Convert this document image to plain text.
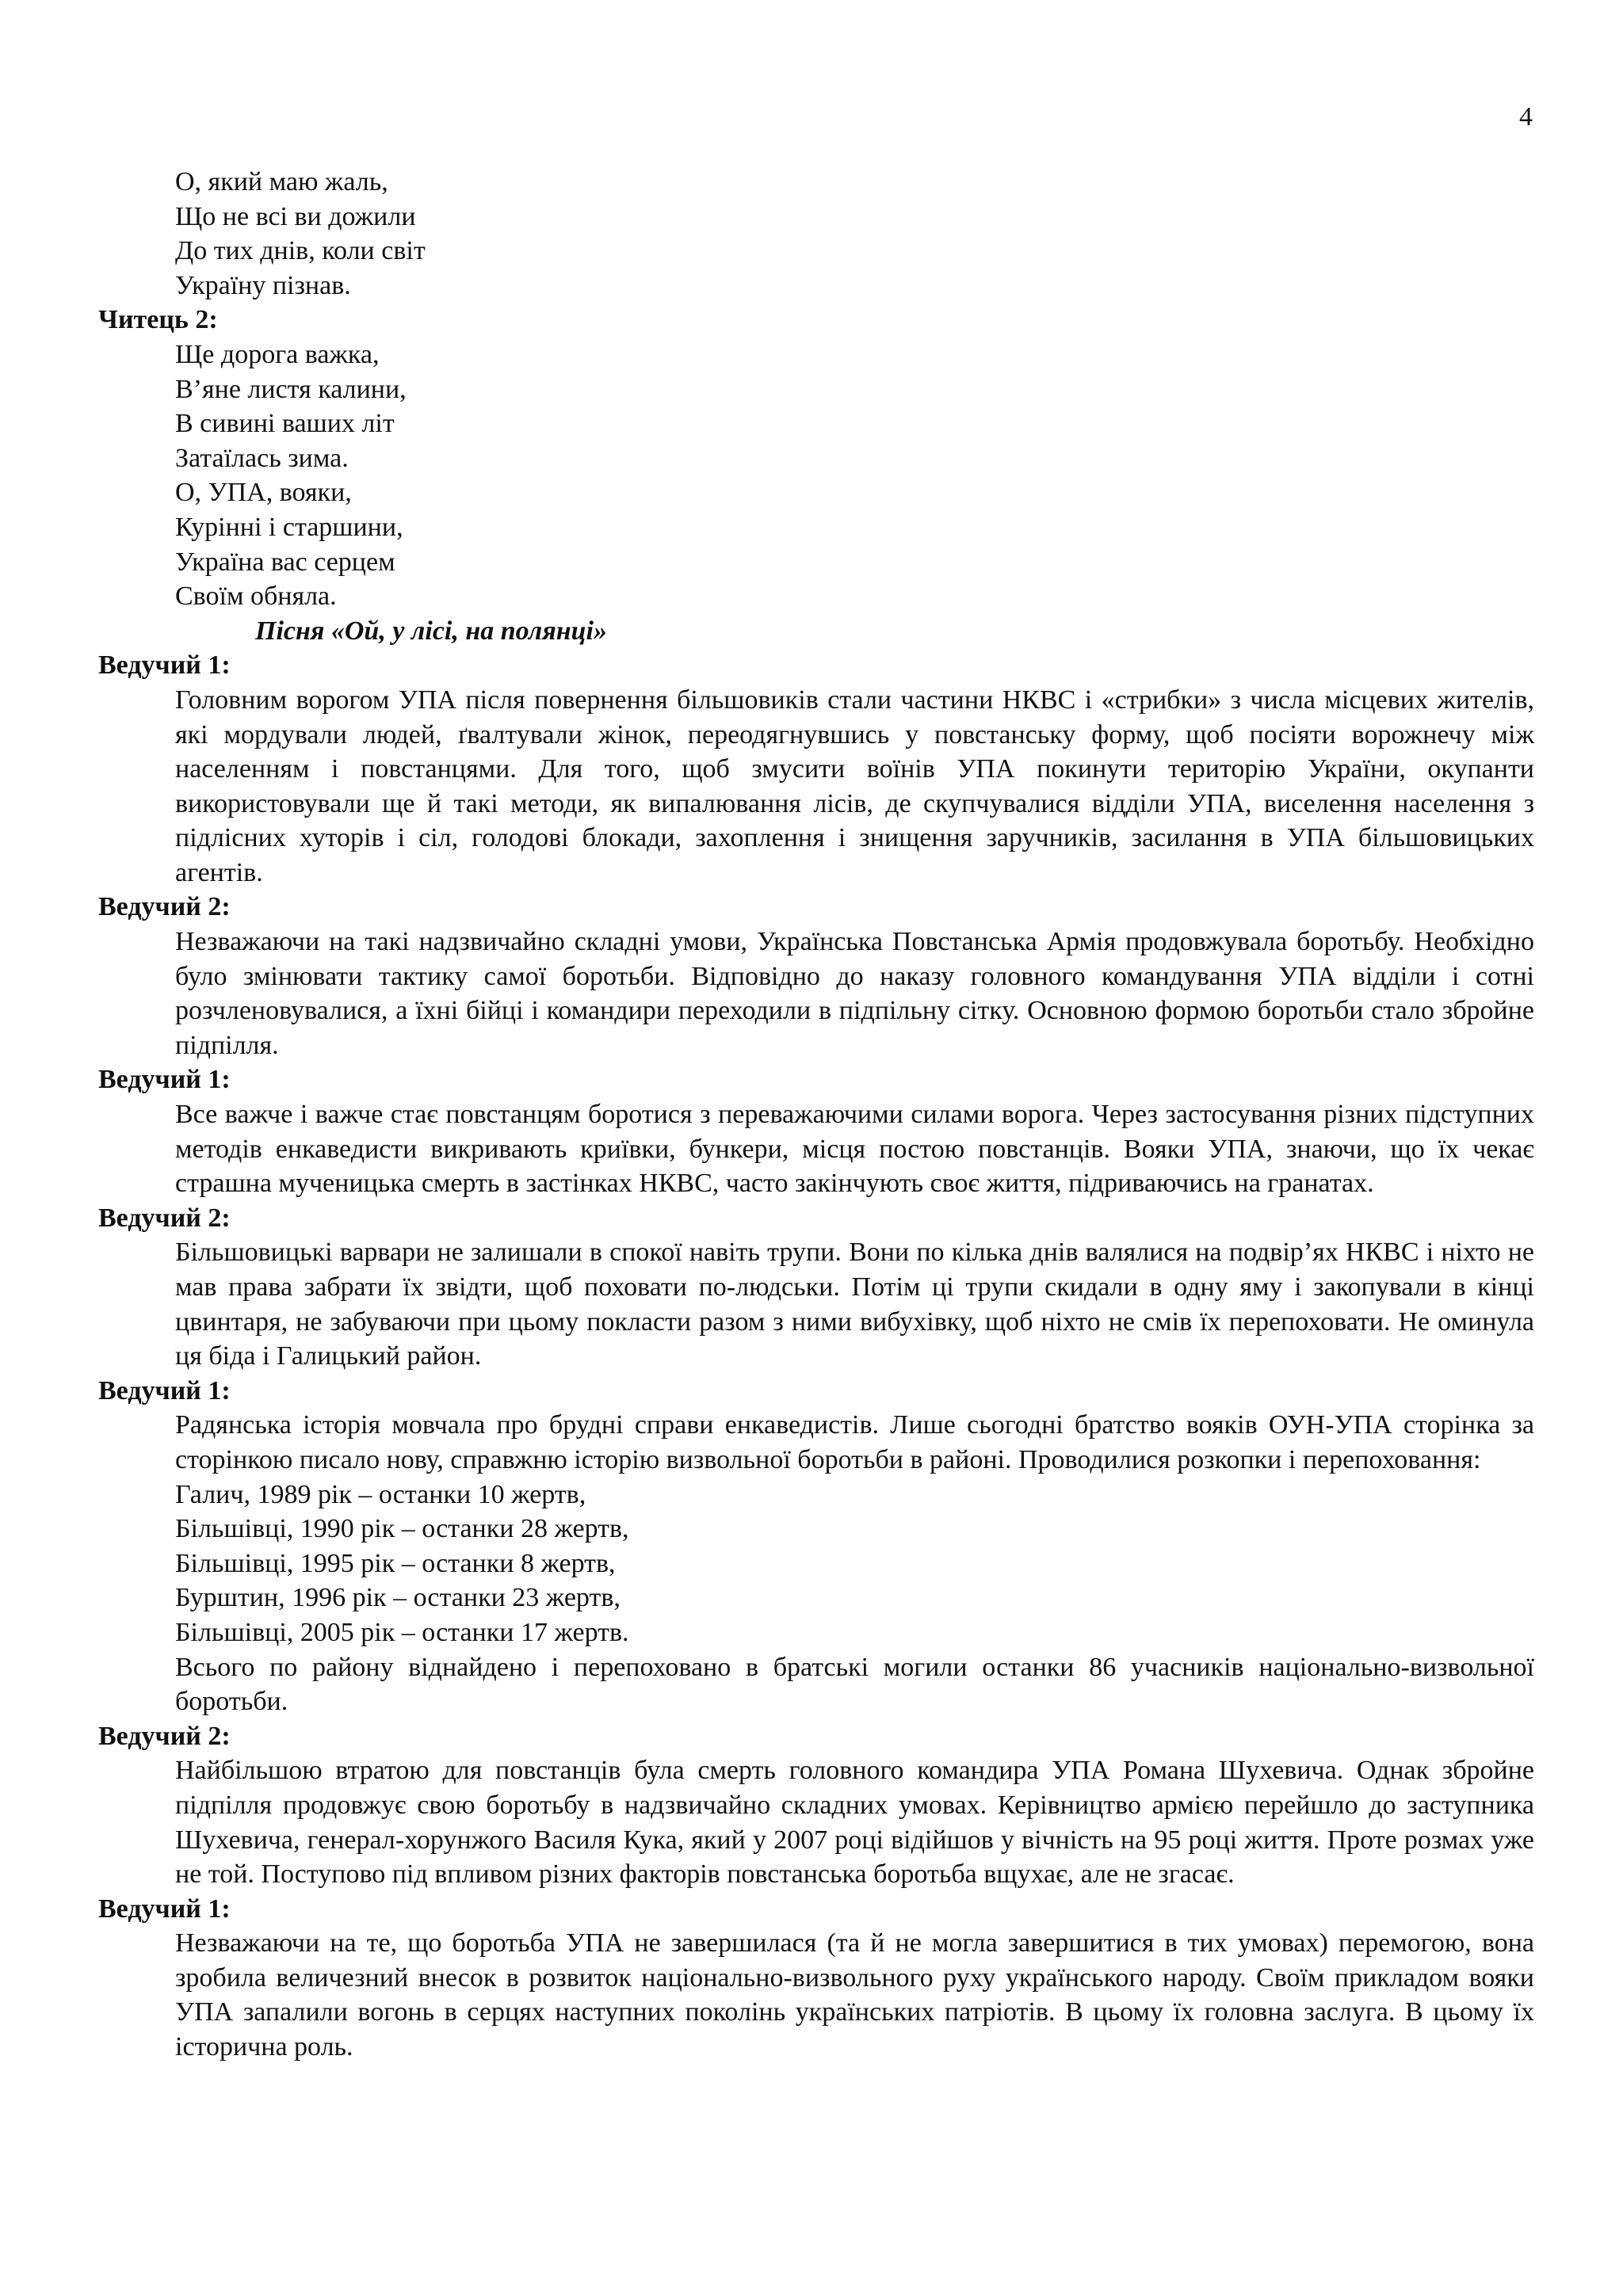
4

О, який маю жаль,

Що не всі ви дожили

До тих днів, коли світ

Україну пізнав.

Читець 2:

Ще дорога важка,

В’яне листя калини,

В сивині ваших літ

Затаїлась зима.

О, УПА, вояки,

Курінні і старшини,

Україна вас серцем

Своїм обняла.

Пісня «Ой, у лісі, на полянці»

Ведучий 1:

Головним ворогом УПА після повернення більшовиків стали частини НКВС і «стрибки» з числа місцевих жителів, які мордували людей, ґвалтували жінок, переодягнувшись у повстанську форму, щоб посіяти ворожнечу між населенням і повстанцями. Для того, щоб змусити воїнів УПА покинути територію України, окупанти використовували ще й такі методи, як випалювання лісів, де скупчувалися відділи УПА, виселення населення з підлісних хуторів і сіл, голодові блокади, захоплення і знищення заручників, засилання в УПА більшовицьких агентів.

Ведучий 2:

Незважаючи на такі надзвичайно складні умови, Українська Повстанська Армія продовжувала боротьбу. Необхідно було змінювати тактику самої боротьби. Відповідно до наказу головного командування УПА відділи і сотні розчленовувалися, а їхні бійці і командири переходили в підпільну сітку. Основною формою боротьби стало збройне підпілля.

Ведучий 1:

Все важче і важче стає повстанцям боротися з переважаючими силами ворога. Через застосування різних підступних методів енкаведисти викривають криївки, бункери, місця постою повстанців. Вояки УПА, знаючи, що їх чекає страшна мученицька смерть в застінках НКВС, часто закінчують своє життя, підриваючись на гранатах.

Ведучий 2:

Більшовицькі варвари не залишали в спокої навіть трупи. Вони по кілька днів валялися на подвір’ях НКВС і ніхто не мав права забрати їх звідти, щоб поховати по-людськи. Потім ці трупи скидали в одну яму і закопували в кінці цвинтаря, не забуваючи при цьому покласти разом з ними вибухівку, щоб ніхто не смів їх перепоховати. Не оминула ця біда і Галицький район.

Ведучий 1:

Радянська історія мовчала про брудні справи енкаведистів. Лише сьогодні братство вояків ОУН-УПА сторінка за сторінкою писало нову, справжню історію визвольної боротьби в районі. Проводилися розкопки і перепоховання:

Галич, 1989 рік – останки 10 жертв,

Більшівці, 1990 рік – останки 28 жертв,

Більшівці, 1995 рік – останки 8 жертв,

Бурштин, 1996 рік – останки 23 жертв,

Більшівці, 2005 рік – останки 17 жертв.

Всього по району віднайдено і перепоховано в братські могили останки 86 учасників національно-визвольної боротьби.

Ведучий 2:

Найбільшою втратою для повстанців була смерть головного командира УПА Романа Шухевича. Однак збройне підпілля продовжує свою боротьбу в надзвичайно складних умовах. Керівництво армією перейшло до заступника Шухевича, генерал-хорунжого Василя Кука, який у 2007 році відійшов у вічність на 95 році життя. Проте розмах уже не той. Поступово під впливом різних факторів повстанська боротьба вщухає, але не згасає.

Ведучий 1:

Незважаючи на те, що боротьба УПА не завершилася (та й не могла завершитися в тих умовах) перемогою, вона зробила величезний внесок в розвиток національно-визвольного руху українського народу. Своїм прикладом вояки УПА запалили вогонь в серцях наступних поколінь українських патріотів. В цьому їх головна заслуга. В цьому їх історична роль.
